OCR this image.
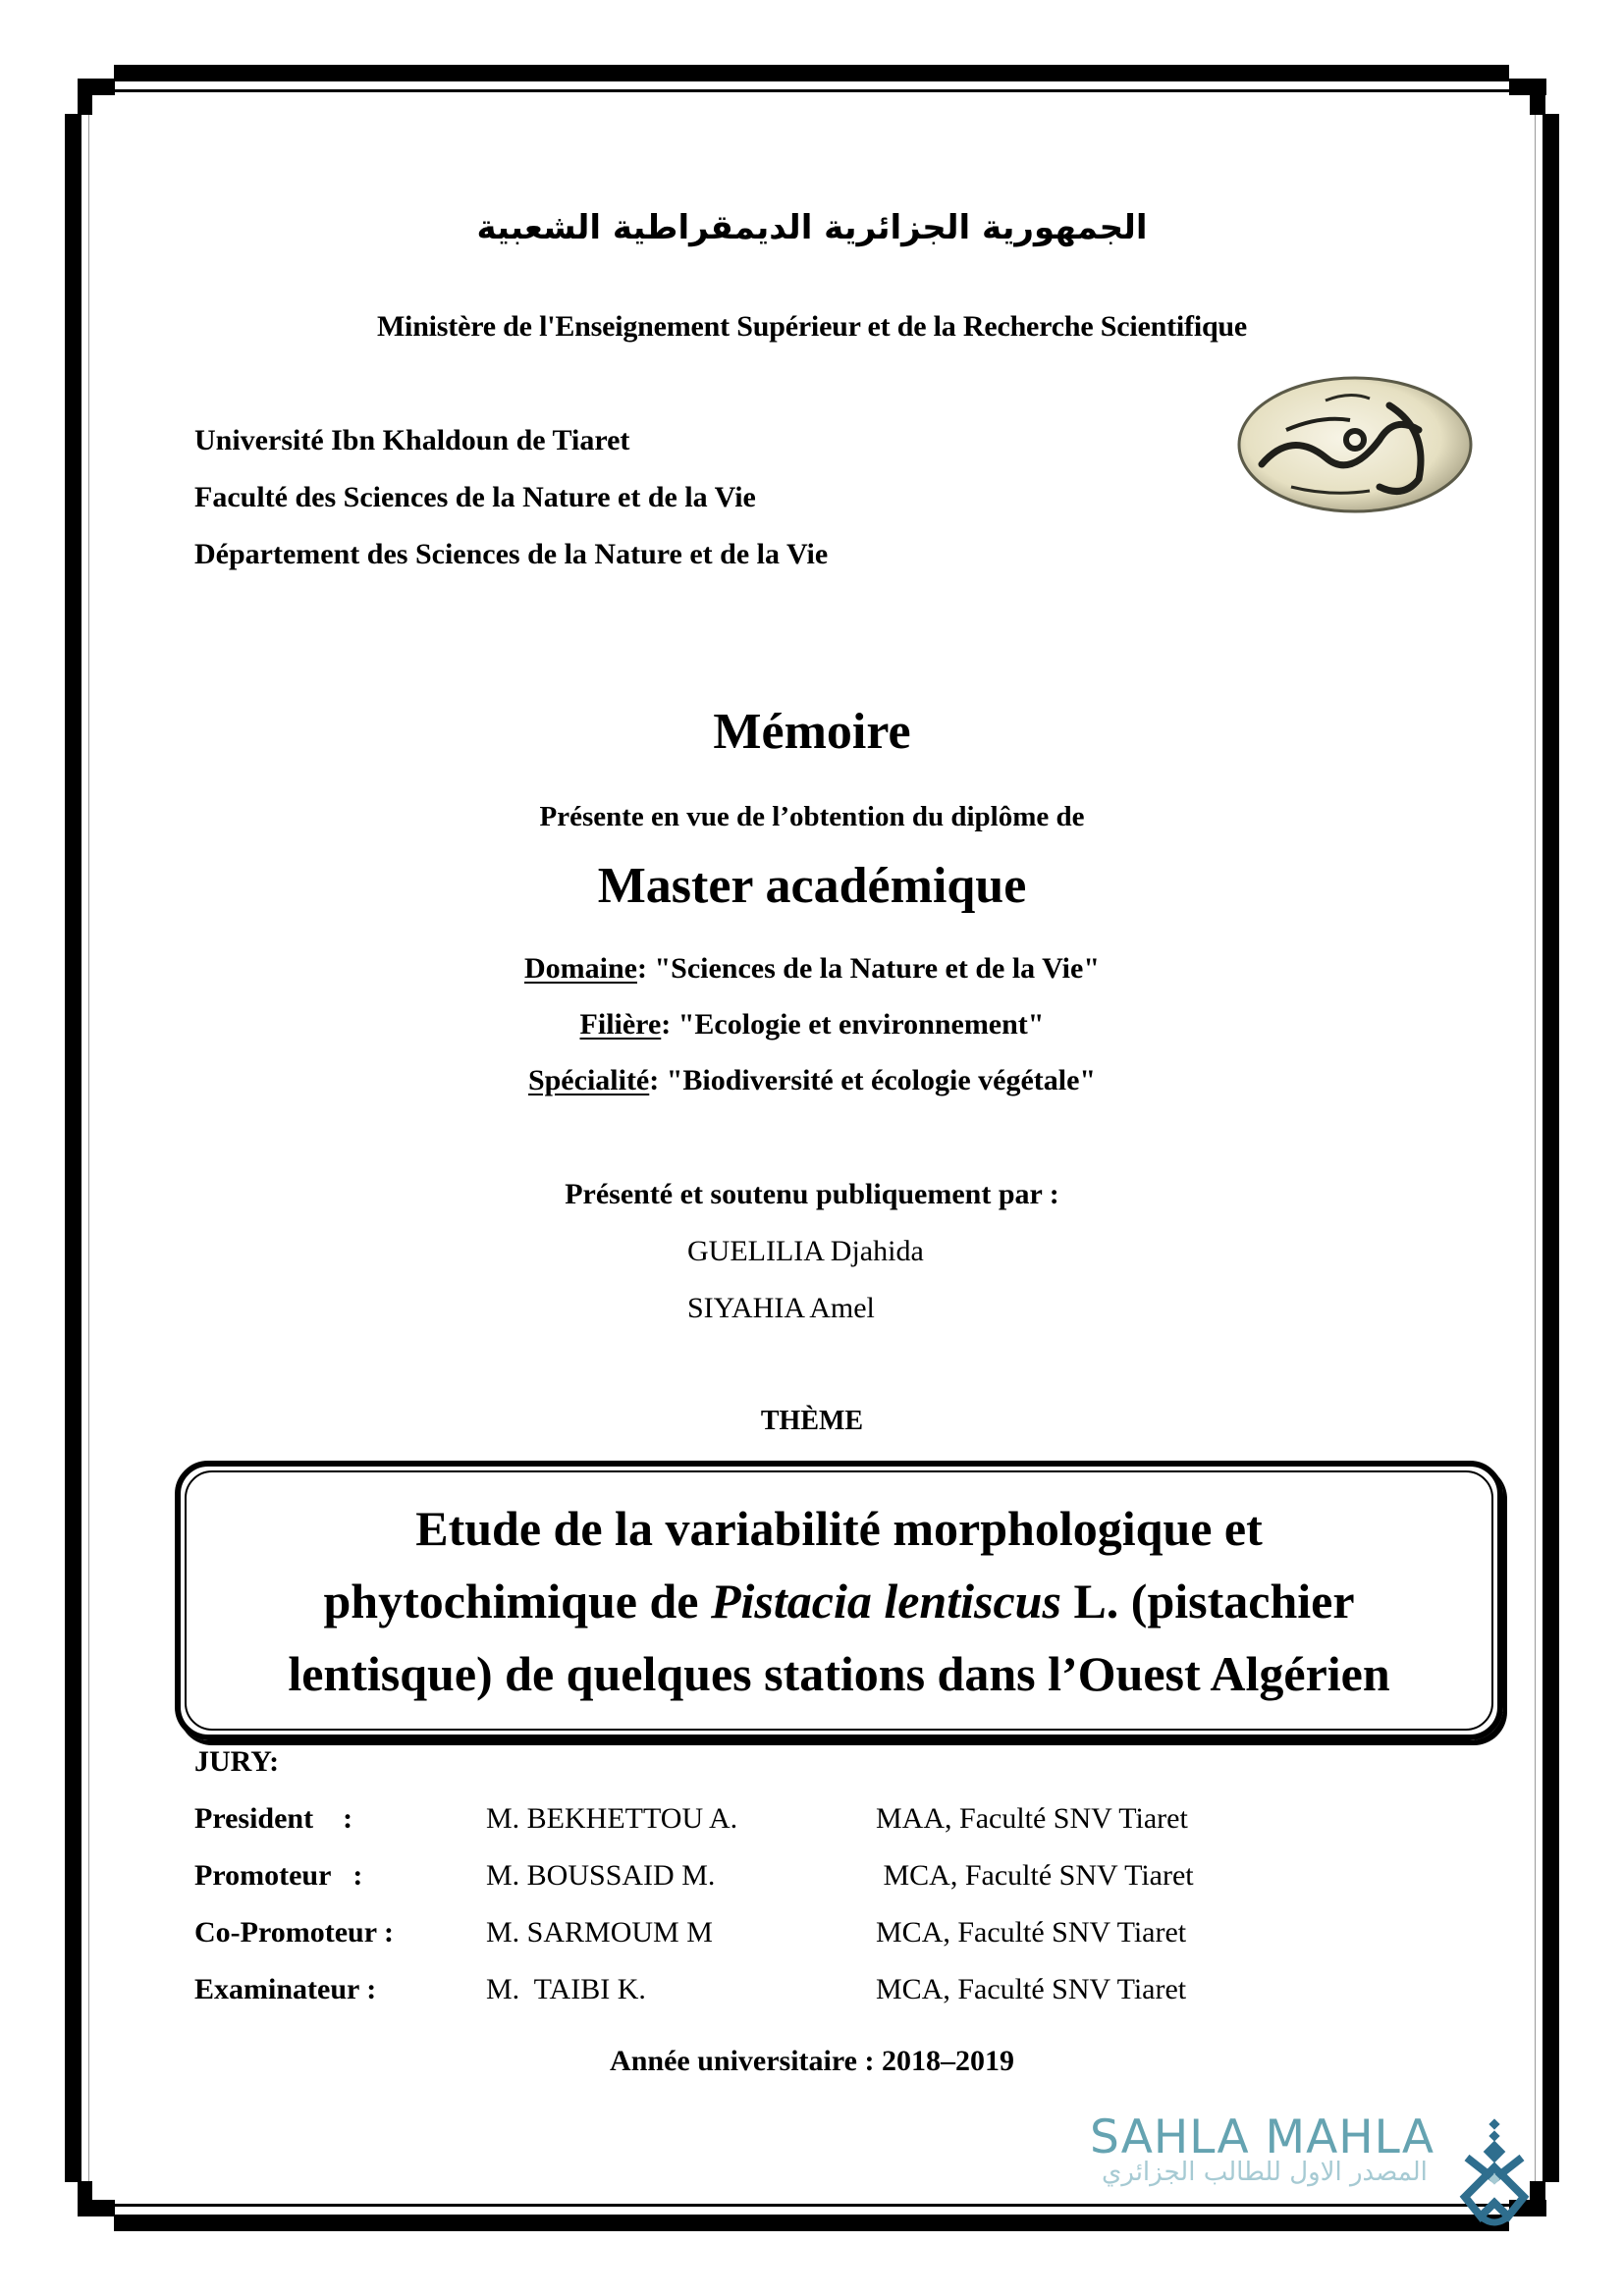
الجمهورية الجزائرية الديمقراطية الشعبية
Ministère de l'Enseignement Supérieur et de la Recherche Scientifique
Université Ibn Khaldoun de Tiaret
Faculté des Sciences de la Nature et de la Vie
Département des Sciences de la Nature et de la Vie
Mémoire
Présente en vue de l’obtention du diplôme de
Master académique
Domaine: "Sciences de la Nature et de la Vie"
Filière: "Ecologie et environnement"
Spécialité: "Biodiversité et écologie végétale"
Présenté et soutenu publiquement par :
GUELILIA Djahida
SIYAHIA Amel
THÈME
Etude de la variabilité morphologique et
phytochimique de Pistacia lentiscus L. (pistachier
lentisque) de quelques stations dans l’Ouest Algérien
JURY:
President    :	M. BEKHETTOU A.	MAA, Faculté SNV Tiaret
Promoteur   :	M. BOUSSAID M.	MCA, Faculté SNV Tiaret
Co-Promoteur :	M. SARMOUM M	MCA, Faculté SNV Tiaret
Examinateur :	M.  TAIBI K.	MCA, Faculté SNV Tiaret
Année universitaire : 2018–2019
SAHLA MAHLA
المصدر الاول للطالب الجزائري
